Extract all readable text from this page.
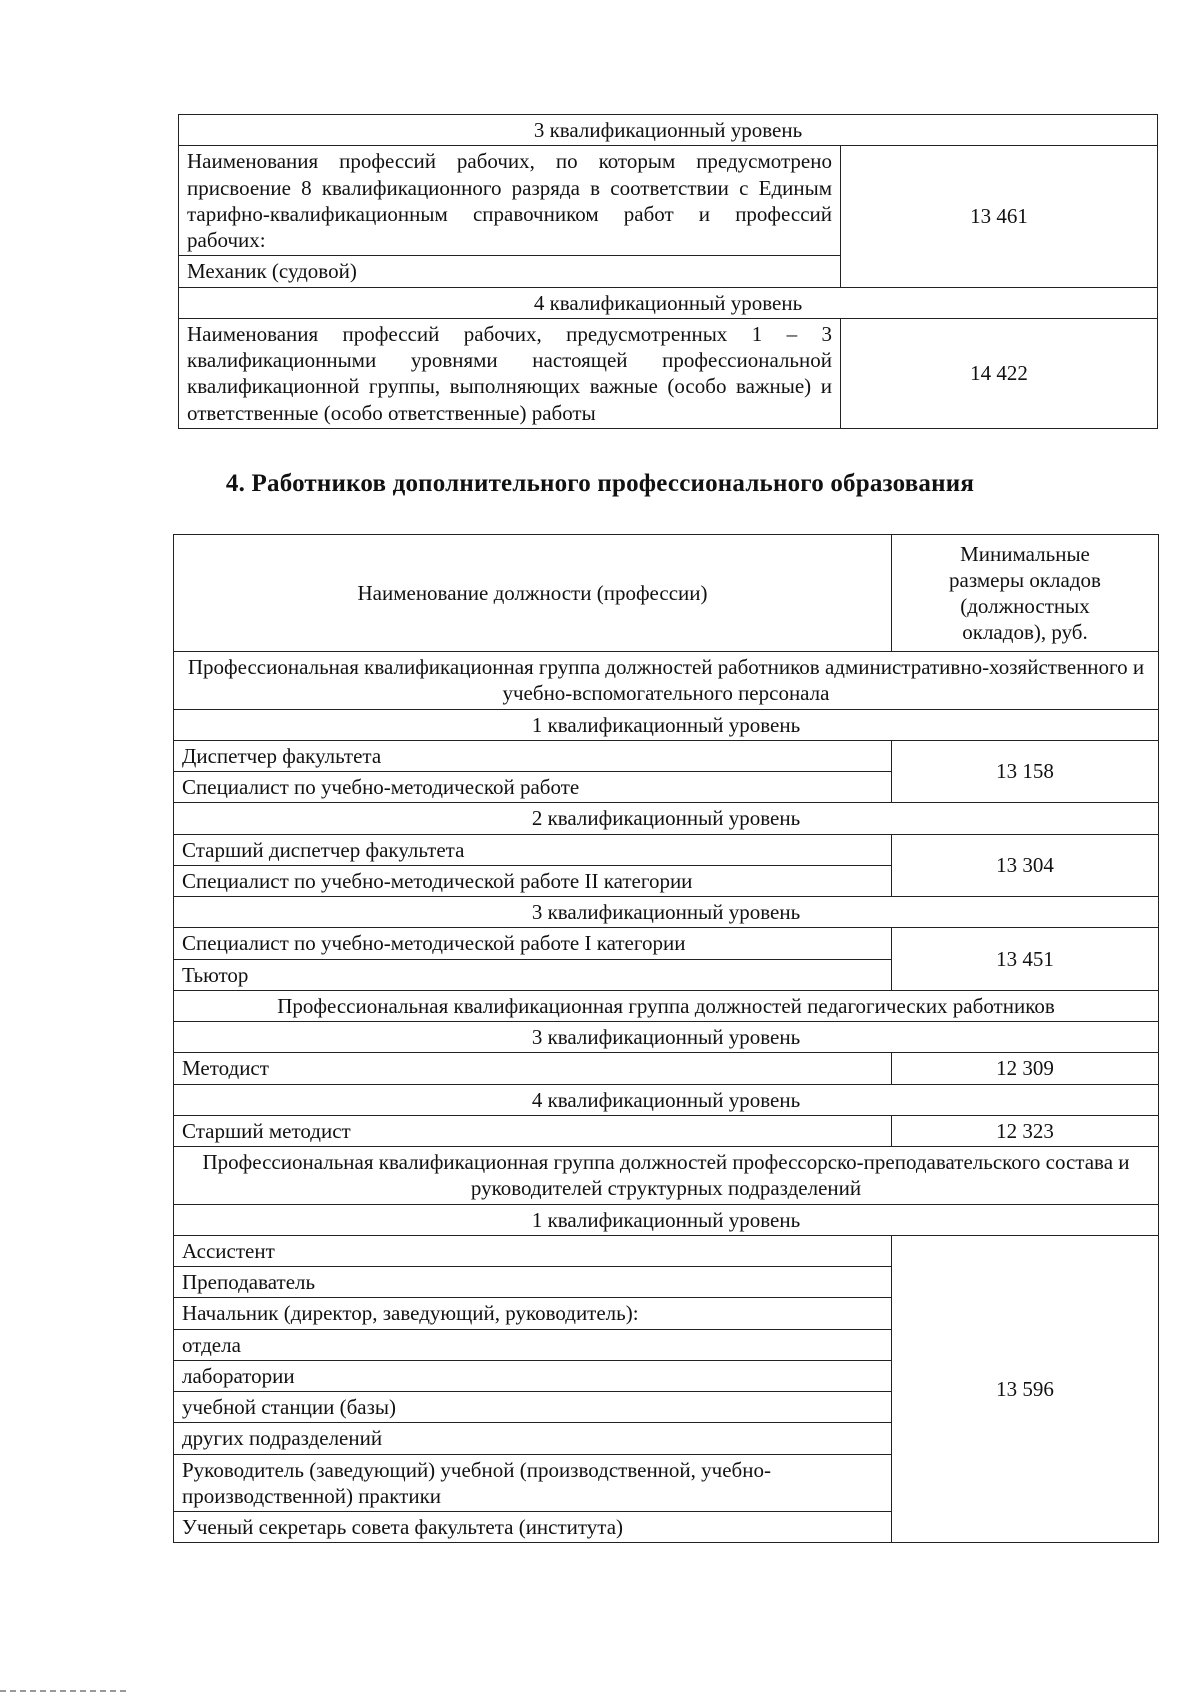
3 квалификационный уровень	
Наименования профессий рабочих, по которым предусмотрено присвоение 8 квалификационного разряда в соответствии с Единым тарифно-квалификационным справочником работ и профессий рабочих:	13 461
Механик (судовой)	
4 квалификационный уровень	
Наименования профессий рабочих, предусмотренных 1 – 3 квалификационными уровнями настоящей профессиональной квалификационной группы, выполняющих важные (особо важные) и ответственные (особо ответственные) работы	14 422
4. Работников дополнительного профессионального образования
Наименование должности (профессии)	Минимальные
размеры окладов
(должностных
окладов), руб.

Профессиональная квалификационная группа должностей работников административно-хозяйственного и учебно-вспомогательного персонала	
1 квалификационный уровень	
Диспетчер факультета	13 158
Специалист по учебно-методической работе	
2 квалификационный уровень	
Старший диспетчер факультета	13 304
Специалист по учебно-методической работе II категории	
3 квалификационный уровень	
Специалист по учебно-методической работе I категории	13 451
Тьютор	
Профессиональная квалификационная группа должностей педагогических работников	
3 квалификационный уровень	
Методист	12 309
4 квалификационный уровень	
Старший методист	12 323
Профессиональная квалификационная группа должностей профессорско-преподавательского состава и руководителей структурных подразделений	
1 квалификационный уровень	
Ассистент	13 596
Преподаватель	
Начальник (директор, заведующий, руководитель):	
отдела	
лаборатории	
учебной станции (базы)	
других подразделений	
Руководитель (заведующий) учебной (производственной, учебно-производственной) практики	
Ученый секретарь совета факультета (института)	
